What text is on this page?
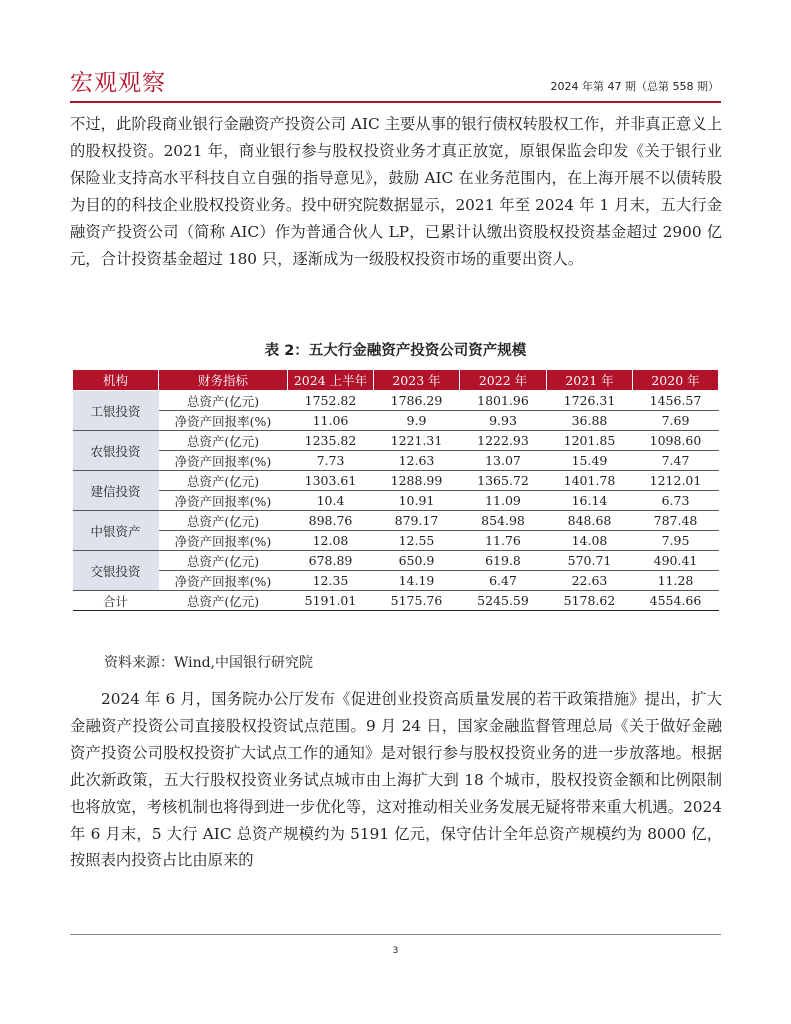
宏观观察	2024 年第 47 期（总第 558 期）

不过，此阶段商业银行金融资产投资公司 AIC 主要从事的银行债权转股权工作，并非真正意义上的股权投资。2021 年，商业银行参与股权投资业务才真正放宽，原银保监会印发《关于银行业保险业支持高水平科技自立自强的指导意见》，鼓励 AIC 在业务范围内，在上海开展不以债转股为目的的科技企业股权投资业务。投中研究院数据显示，2021 年至 2024 年 1 月末，五大行金融资产投资公司（简称 AIC）作为普通合伙人 LP，已累计认缴出资股权投资基金超过 2900 亿元，合计投资基金超过 180 只，逐渐成为一级股权投资市场的重要出资人。

表 2：五大行金融资产投资公司资产规模
机构	财务指标	2024 上半年	2023 年	2022 年	2021 年	2020 年
工银投资	总资产(亿元)	1752.82	1786.29	1801.96	1726.31	1456.57
	净资产回报率(%)	11.06	9.9	9.93	36.88	7.69
农银投资	总资产(亿元)	1235.82	1221.31	1222.93	1201.85	1098.60
	净资产回报率(%)	7.73	12.63	13.07	15.49	7.47
建信投资	总资产(亿元)	1303.61	1288.99	1365.72	1401.78	1212.01
	净资产回报率(%)	10.4	10.91	11.09	16.14	6.73
中银资产	总资产(亿元)	898.76	879.17	854.98	848.68	787.48
	净资产回报率(%)	12.08	12.55	11.76	14.08	7.95
交银投资	总资产(亿元)	678.89	650.9	619.8	570.71	490.41
	净资产回报率(%)	12.35	14.19	6.47	22.63	11.28
合计	总资产(亿元)	5191.01	5175.76	5245.59	5178.62	4554.66
资料来源：Wind,中国银行研究院

2024 年 6 月，国务院办公厅发布《促进创业投资高质量发展的若干政策措施》提出，扩大金融资产投资公司直接股权投资试点范围。9 月 24 日，国家金融监督管理总局《关于做好金融资产投资公司股权投资扩大试点工作的通知》是对银行参与股权投资业务的进一步放落地。根据此次新政策，五大行股权投资业务试点城市由上海扩大到 18 个城市，股权投资金额和比例限制也将放宽，考核机制也将得到进一步优化等，这对推动相关业务发展无疑将带来重大机遇。2024 年 6 月末，5 大行 AIC 总资产规模约为 5191 亿元，保守估计全年总资产规模约为 8000 亿，按照表内投资占比由原来的

3
